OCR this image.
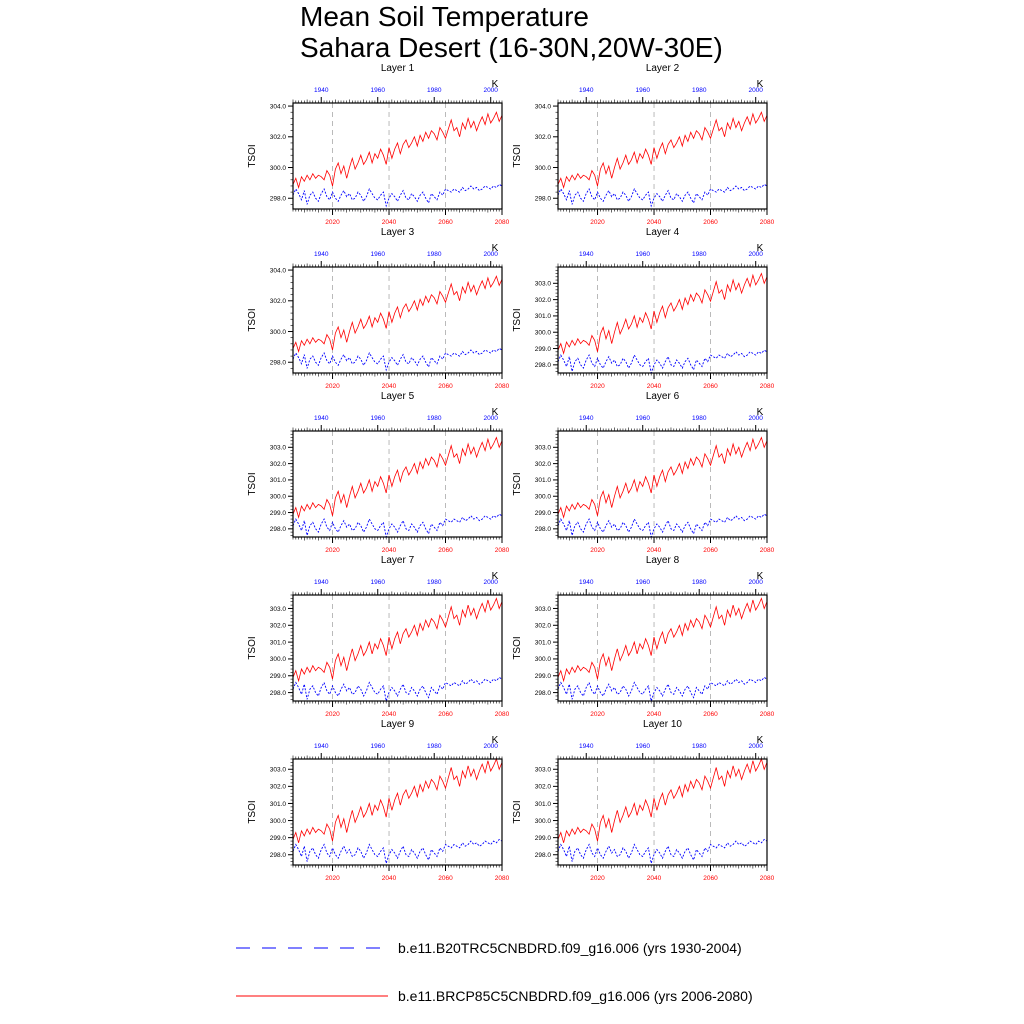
Layer 1
K
TSOI
2020	2040	2060	2080
1940	1960	1980	2000
298.0
300.0
302.0
304.0
Layer 2
K
TSOI
2020	2040	2060	2080
1940	1960	1980	2000
298.0
300.0
302.0
304.0
Layer 3
K
TSOI
2020	2040	2060	2080
1940	1960	1980	2000
298.0
300.0
302.0
304.0
Layer 4
K
TSOI
2020	2040	2060	2080
1940	1960	1980	2000
298.0
299.0
300.0
301.0
302.0
303.0
Layer 5
K
TSOI
2020	2040	2060	2080
1940	1960	1980	2000
298.0
299.0
300.0
301.0
302.0
303.0
Layer 6
K
TSOI
2020	2040	2060	2080
1940	1960	1980	2000
298.0
299.0
300.0
301.0
302.0
303.0
Layer 7
K
TSOI
2020	2040	2060	2080
1940	1960	1980	2000
298.0
299.0
300.0
301.0
302.0
303.0
Layer 8
K
TSOI
2020	2040	2060	2080
1940	1960	1980	2000
298.0
299.0
300.0
301.0
302.0
303.0
Layer 9
K
TSOI
2020	2040	2060	2080
1940	1960	1980	2000
298.0
299.0
300.0
301.0
302.0
303.0
Layer 10
K
TSOI
2020	2040	2060	2080
1940	1960	1980	2000
298.0
299.0
300.0
301.0
302.0
303.0
Mean Soil Temperature
Sahara Desert (16-30N,20W-30E)
b.e11.B20TRC5CNBDRD.f09_g16.006 (yrs 1930-2004)
b.e11.BRCP85C5CNBDRD.f09_g16.006 (yrs 2006-2080)
